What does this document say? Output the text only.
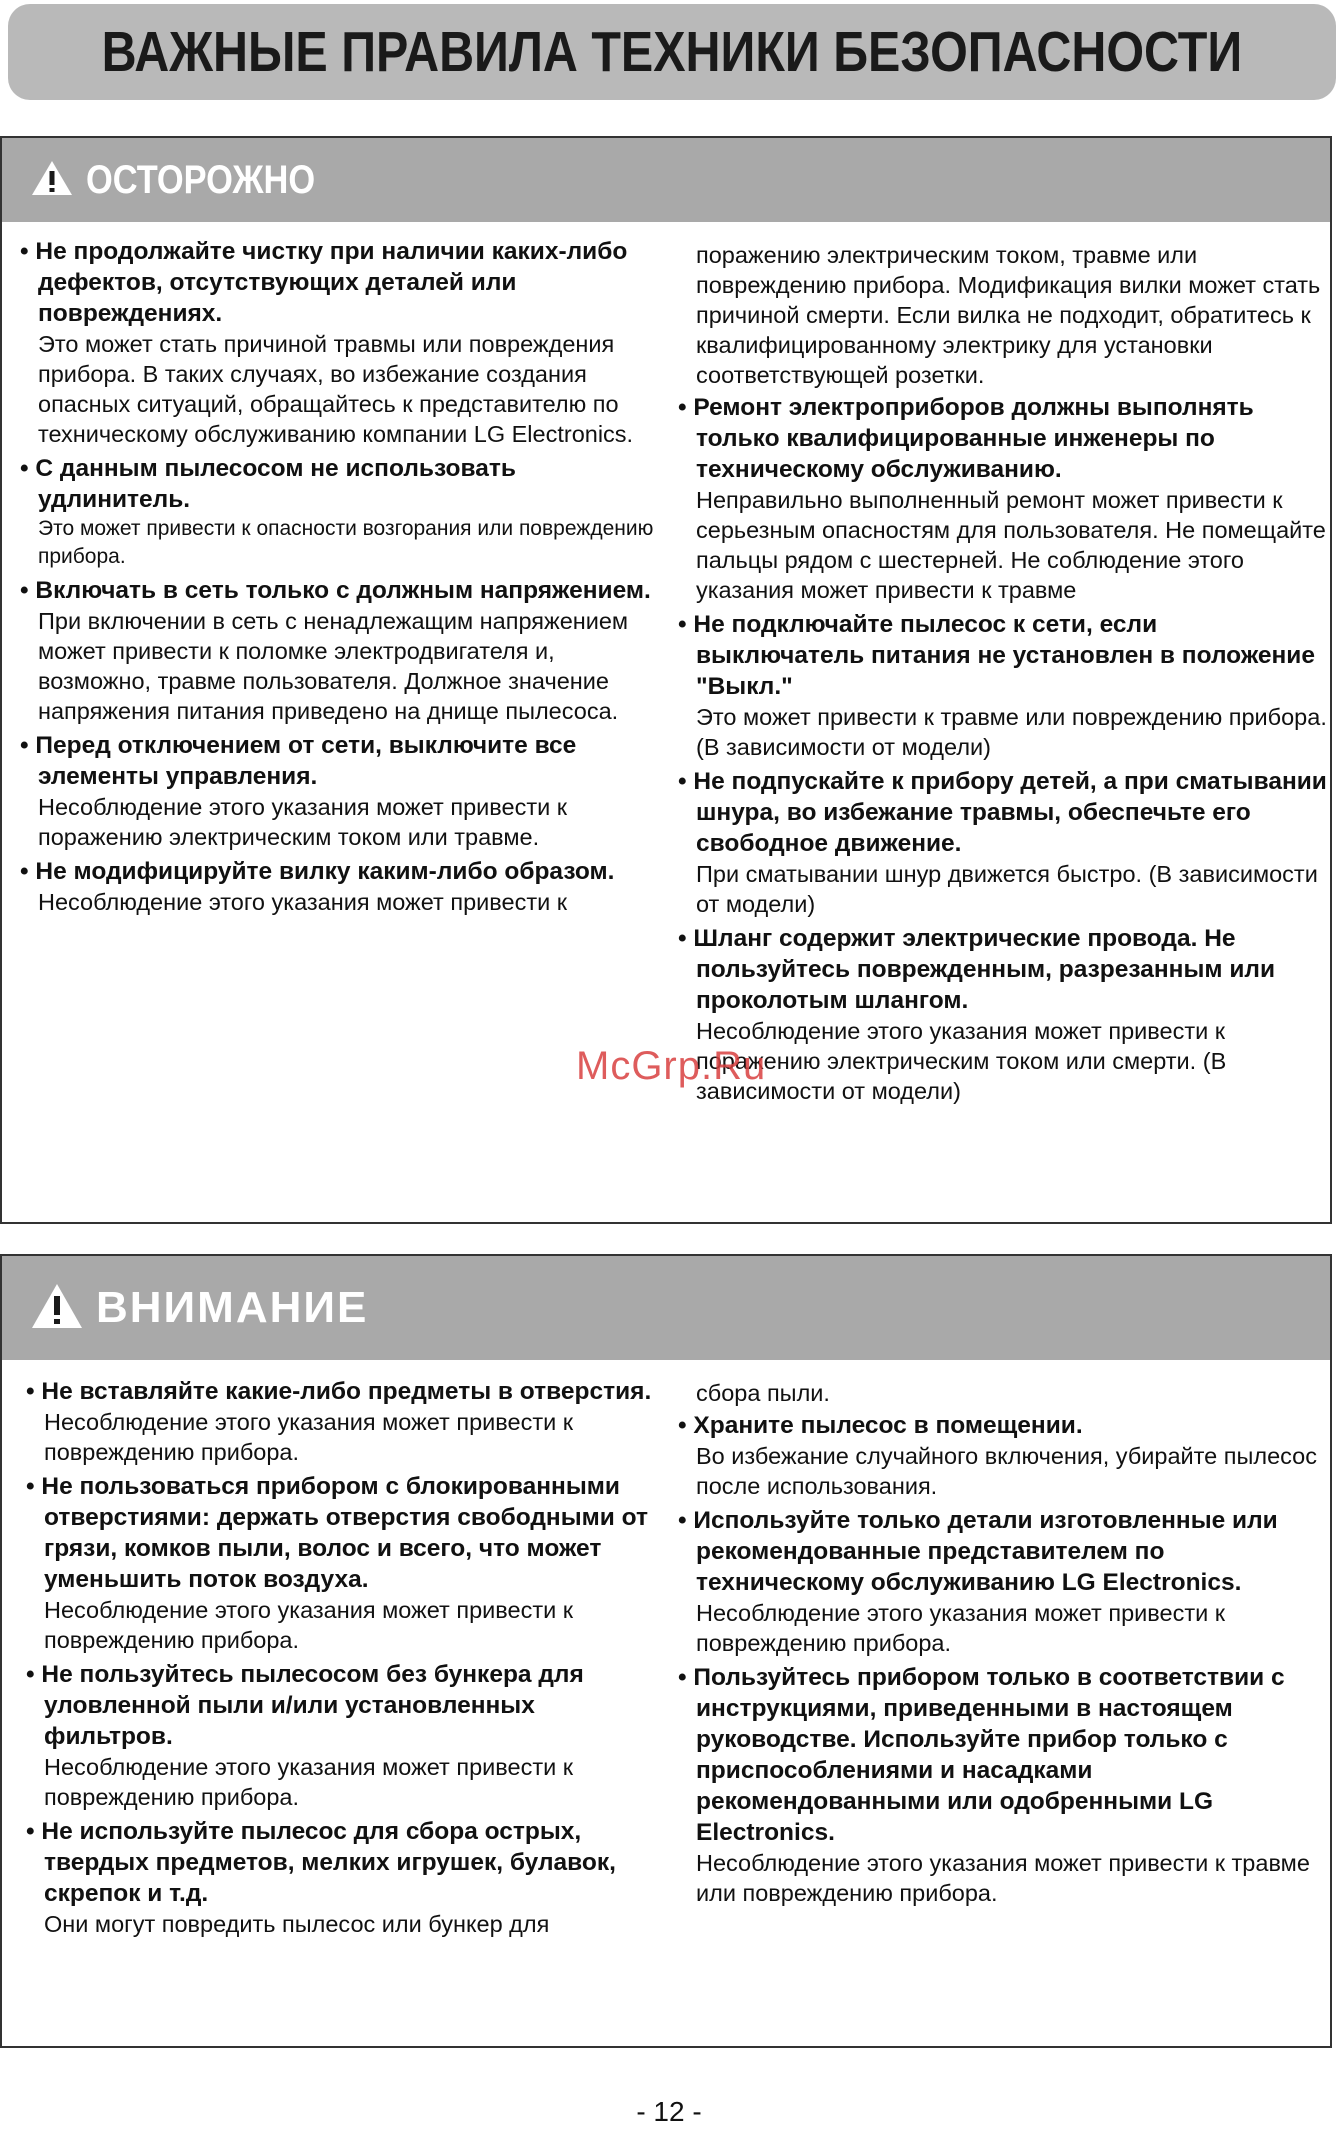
ВАЖНЫЕ ПРАВИЛА ТЕХНИКИ БЕЗОПАСНОСТИ
ОСТОРОЖНО
• Не продолжайте чистку при наличии каких-либо дефектов, отсутствующих деталей или повреждениях.
Это может стать причиной травмы или повреждения прибора. В таких случаях, во избежание создания опасных ситуаций, обращайтесь к представителю по техническому обслуживанию компании LG Electronics.
• С данным пылесосом не использовать удлинитель.
Это может привести к опасности возгорания или повреждению прибора.
• Включать в сеть только с должным напряжением.
При включении в сеть с ненадлежащим напряжением может привести к поломке электродвигателя и, возможно, травме пользователя. Должное значение напряжения питания приведено на днище пылесоса.
• Перед отключением от сети, выключите все элементы управления.
Несоблюдение этого указания может привести к поражению электрическим током или травме.
• Не модифицируйте вилку каким-либо образом.
Несоблюдение этого указания может привести к
поражению электрическим током, травме или повреждению прибора. Модификация вилки может стать причиной смерти. Если вилка не подходит, обратитесь к квалифицированному электрику для установки соответствующей розетки.
• Ремонт электроприборов должны выполнять только квалифицированные инженеры по техническому обслуживанию.
Неправильно выполненный ремонт может привести к серьезным опасностям для пользователя. Не помещайте пальцы рядом с шестерней. Не соблюдение этого указания может привести к травме
• Не подключайте пылесос к сети, если выключатель питания не установлен в положение "Выкл."
Это может привести к травме или повреждению прибора. (В зависимости от модели)
• Не подпускайте к прибору детей, а при сматывании шнура, во избежание травмы, обеспечьте его свободное движение.
При сматывании шнур движется быстро. (В зависимости от модели)
• Шланг содержит электрические провода. Не пользуйтесь поврежденным, разрезанным или проколотым шлангом.
Несоблюдение этого указания может привести к поражению электрическим током или смерти. (В зависимости от модели)
McGrp.Ru
ВНИМАНИЕ
• Не вставляйте какие-либо предметы в отверстия.
Несоблюдение этого указания может привести к повреждению прибора.
• Не пользоваться прибором с блокированными отверстиями: держать отверстия свободными от грязи, комков пыли, волос и всего, что может уменьшить поток воздуха.
Несоблюдение этого указания может привести к повреждению прибора.
• Не пользуйтесь пылесосом без бункера для уловленной пыли и/или установленных фильтров.
Несоблюдение этого указания может привести к повреждению прибора.
• Не используйте пылесос для сбора острых, твердых предметов, мелких игрушек, булавок, скрепок и т.д.
Они могут повредить пылесос или бункер для
сбора пыли.
• Храните пылесос в помещении.
Во избежание случайного включения, убирайте пылесос после использования.
• Используйте только детали изготовленные или рекомендованные представителем по техническому обслуживанию LG Electronics.
Несоблюдение этого указания может привести к повреждению прибора.
• Пользуйтесь прибором только в соответствии с инструкциями, приведенными в настоящем руководстве. Используйте прибор только с приспособлениями и насадками рекомендованными или одобренными LG Electronics.
Несоблюдение этого указания может привести к травме или повреждению прибора.
- 12 -
